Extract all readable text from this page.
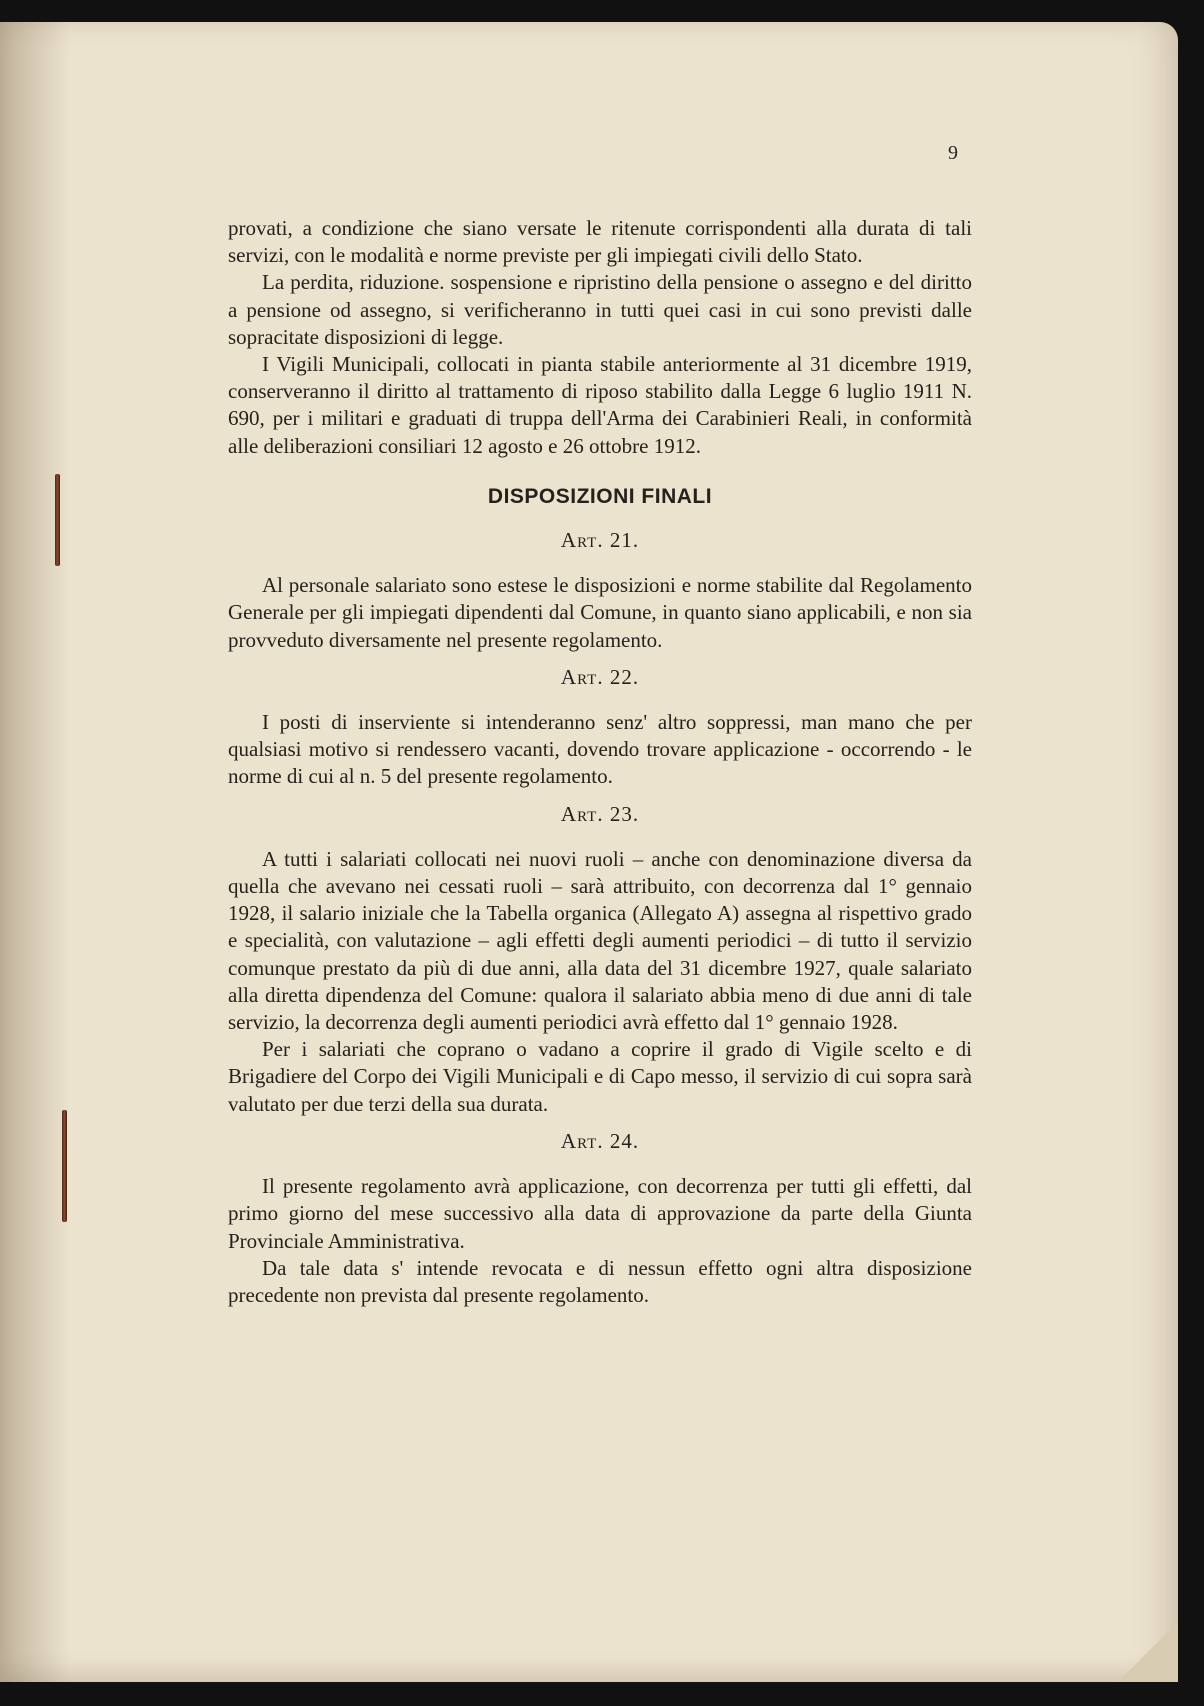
9

provati, a condizione che siano versate le ritenute corrispondenti alla durata di tali servizi, con le modalità e norme previste per gli impiegati civili dello Stato.

La perdita, riduzione. sospensione e ripristino della pensione o assegno e del diritto a pensione od assegno, si verificheranno in tutti quei casi in cui sono previsti dalle sopracitate disposizioni di legge.

I Vigili Municipali, collocati in pianta stabile anteriormente al 31 dicembre 1919, conserveranno il diritto al trattamento di riposo stabilito dalla Legge 6 luglio 1911 N. 690, per i militari e graduati di truppa dell'Arma dei Carabinieri Reali, in conformità alle deliberazioni consiliari 12 agosto e 26 ottobre 1912.

DISPOSIZIONI FINALI
Art. 21.

Al personale salariato sono estese le disposizioni e norme stabilite dal Regolamento Generale per gli impiegati dipendenti dal Comune, in quanto siano applicabili, e non sia provveduto diversamente nel presente regolamento.

Art. 22.

I posti di inserviente si intenderanno senz' altro soppressi, man mano che per qualsiasi motivo si rendessero vacanti, dovendo trovare applicazione - occorrendo - le norme di cui al n. 5 del presente regolamento.

Art. 23.

A tutti i salariati collocati nei nuovi ruoli – anche con denominazione diversa da quella che avevano nei cessati ruoli – sarà attribuito, con decorrenza dal 1° gennaio 1928, il salario iniziale che la Tabella organica (Allegato A) assegna al rispettivo grado e specialità, con valutazione – agli effetti degli aumenti periodici – di tutto il servizio comunque prestato da più di due anni, alla data del 31 dicembre 1927, quale salariato alla diretta dipendenza del Comune: qualora il salariato abbia meno di due anni di tale servizio, la decorrenza degli aumenti periodici avrà effetto dal 1° gennaio 1928.

Per i salariati che coprano o vadano a coprire il grado di Vigile scelto e di Brigadiere del Corpo dei Vigili Municipali e di Capo messo, il servizio di cui sopra sarà valutato per due terzi della sua durata.

Art. 24.

Il presente regolamento avrà applicazione, con decorrenza per tutti gli effetti, dal primo giorno del mese successivo alla data di approvazione da parte della Giunta Provinciale Amministrativa.

Da tale data s' intende revocata e di nessun effetto ogni altra disposizione precedente non prevista dal presente regolamento.
